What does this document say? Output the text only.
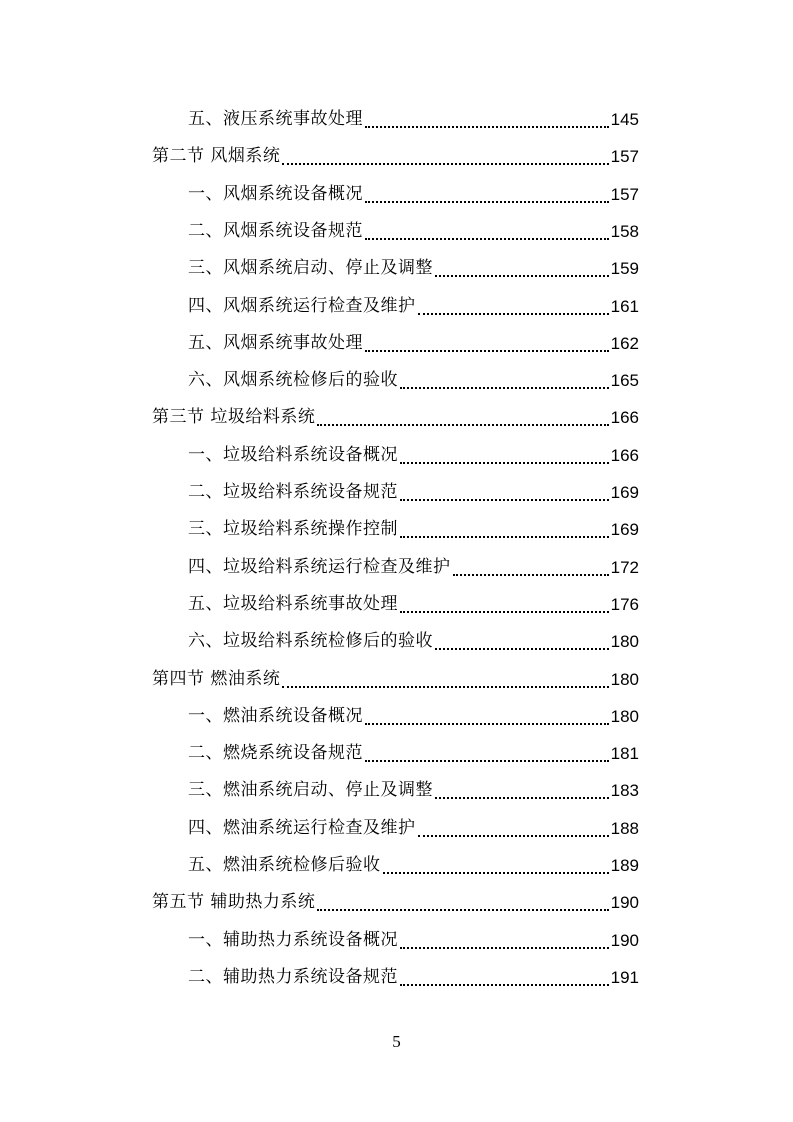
五、液压系统事故处理	145
第二节 风烟系统	157
一、风烟系统设备概况	157
二、风烟系统设备规范	158
三、风烟系统启动、停止及调整	159
四、风烟系统运行检查及维护	161
五、风烟系统事故处理	162
六、风烟系统检修后的验收	165
第三节 垃圾给料系统	166
一、垃圾给料系统设备概况	166
二、垃圾给料系统设备规范	169
三、垃圾给料系统操作控制	169
四、垃圾给料系统运行检查及维护	172
五、垃圾给料系统事故处理	176
六、垃圾给料系统检修后的验收	180
第四节 燃油系统	180
一、燃油系统设备概况	180
二、燃烧系统设备规范	181
三、燃油系统启动、停止及调整	183
四、燃油系统运行检查及维护	188
五、燃油系统检修后验收	189
第五节 辅助热力系统	190
一、辅助热力系统设备概况	190
二、辅助热力系统设备规范	191
5
